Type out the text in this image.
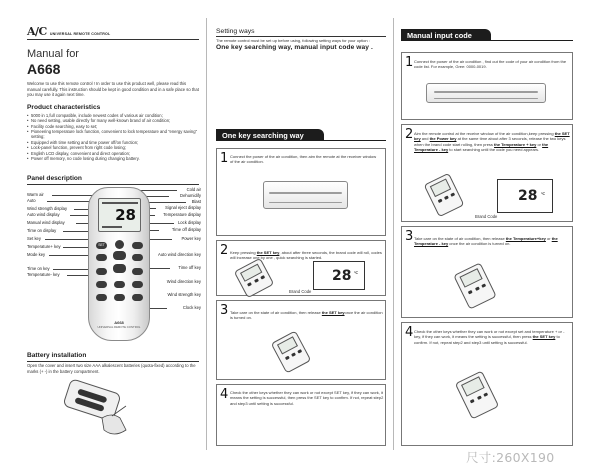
A/C UNIVERSAL REMOTE CONTROL
Manual for
A668

Welcome to use this remote control ! In order to use this product well, please read this manual carefully. This instruction should be kept in good condition and in a safe place so that you may use it again next time.

Product characteristics
• 5000 in 1,full compatible, include newest codes of various air condition;
• No need setting, usable directly for many well-known brand of air condition;
• Facility code searching, easy to set;
• Pioneering temperature lock function, convenient to lock temperature and “energy saving” setting;
• Equipped with time setting and time power off/on function;
• Lock-panel function, prevent from right code losing;
• English LCD display, convenient and direct operation;
• Power off memory, no code losing during changing battery.
Panel description
Warm air
Auto
Wind strength display
Auto wind display
Manual wind display
Time on display
Set key
Temperature+ key
Mode key
Time on key
Temperature- key
Cold air
Dehumidify
Blast
Signal eject display
Temperature display
Lock display
Time off display
Power key
Auto wind direction key
Time off key
Wind direction key
Wind strength key
Clock key
28
SET
A668
UNIVERSAL REMOTE CONTROL
Battery installation

Open the cover and insert two size AAA alkalescent batteries (quota-fixed) according to the marks (+ -) in the battery compartment.

Setting ways
The remote control must be set up before using, following setting ways for your option :
One key searching way, manual input code way .
One key searching way
1 Connect the power of the air condition, then aim the remote at the receiver window of the air condition.

2 Keep pressing the SET key, about after three seconds, the brand code will roll, codes will increase one by one , quick searching is started.

28 ℃
Brand Code
3 Take care on the state of air condition, then release the SET keyonce the air condition is turned on.

4 Check the other keys whether they can work or not except SET key, if they can work, it means the setting is successful, then press the SET key to confirm. If not, repeat step2 and step3 until setting is successful.

Manual input code
1 Connect the power of the air condition , find out the code of your air condition from the code list. For example, Gree: 0000-0019.

2 Aim the remote control at the receive window of the air condition,keep pressing the SET key and the Power key at the same time about after 3 seconds, release the two keys when the brand code start rolling, then press the Temperature + key or the Temperature - key to start searching until the code you need appears.

28 ℃
Brand Code
3 Take care on the state of air condition, then release the Temperature+key or the Temperature - key once the air condition is turned on.

4 Check the other keys whether they can work or not except set and temperature + or - key, if they can work, it means the setting is successful, then press the SET key to confirm. If not, repeat step2 and step3 until setting is successful.

尺寸:260X190
